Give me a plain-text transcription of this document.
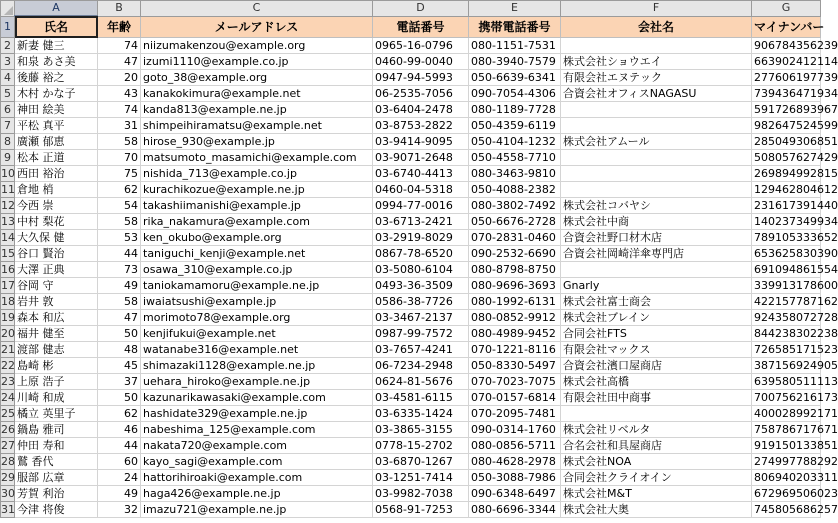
	A	B	C	D	E	F	G
1	氏名	年齢	メールアドレス	電話番号	携帯電話番号	会社名	マイナンバー
2	新妻 健三	74	niizumakenzou@example.org	0965-16-0796	080-1151-7531		906784356239
3	和泉 あさ美	47	izumi1110@example.co.jp	0460-99-0040	080-3940-7579	株式会社ショウエイ	663902412114
4	後藤 裕之	20	goto_38@example.org	0947-94-5993	050-6639-6341	有限会社エヌテック	277606197739
5	木村 かな子	43	kanakokimura@example.net	06-2535-7056	090-7054-4306	合資会社オフィスNAGASU	739436471934
6	神田 絵美	74	kanda813@example.ne.jp	03-6404-2478	080-1189-7728		591726893967
7	平松 真平	31	shimpeihiramatsu@example.net	03-8753-2822	050-4359-6119		982647524599
8	廣瀬 郁恵	58	hirose_930@example.jp	03-9414-9095	050-4104-1232	株式会社アムール	285049306851
9	松本 正道	70	matsumoto_masamichi@example.com	03-9071-2648	050-4558-7710		508057627429
10	西田 裕治	75	nishida_713@example.co.jp	03-6740-4413	080-3463-9810		269894992815
11	倉地 梢	62	kurachikozue@example.ne.jp	0460-04-5318	050-4088-2382		129462804612
12	今西 崇	54	takashiimanishi@example.jp	0994-77-0016	080-3802-7492	株式会社コバヤシ	231617391440
13	中村 梨花	58	rika_nakamura@example.com	03-6713-2421	050-6676-2728	株式会社中商	140237349934
14	大久保 健	53	ken_okubo@example.org	03-2919-8029	070-2831-0460	合資会社野口材木店	789105333652
15	谷口 賢治	44	taniguchi_kenji@example.net	0867-78-6520	090-2532-6690	合資会社岡崎洋傘専門店	653625830390
16	大澤 正典	73	osawa_310@example.co.jp	03-5080-6104	080-8798-8750		691094861554
17	谷岡 守	49	taniokamamoru@example.ne.jp	0493-36-3509	080-9696-3693	Gnarly	339913178600
18	岩井 敦	58	iwaiatsushi@example.jp	0586-38-7726	080-1992-6131	株式会社富士商会	422157787162
19	森本 和広	47	morimoto78@example.org	03-3467-2137	080-0852-9912	株式会社ブレイン	924358072728
20	福井 健至	50	kenjifukui@example.net	0987-99-7572	080-4989-9452	合同会社FTS	844238302238
21	渡部 健志	48	watanabe316@example.net	03-7657-4241	070-1221-8116	有限会社マックス	726585171523
22	島崎 彬	45	shimazaki1128@example.ne.jp	06-7234-2948	050-8330-5497	合資会社濱口屋商店	387156924905
23	上原 浩子	37	uehara_hiroko@example.ne.jp	0624-81-5676	070-7023-7075	株式会社高橋	639580511113
24	川崎 和成	50	kazunarikawasaki@example.com	03-4581-6115	070-0157-6814	有限会社田中商事	700756216173
25	橘立 英里子	62	hashidate329@example.ne.jp	03-6335-1424	070-2095-7481		400028992171
26	鍋島 雅司	46	nabeshima_125@example.com	03-3865-3155	090-0314-1760	株式会社リベルタ	758786717671
27	仲田 寿和	44	nakata720@example.com	0778-15-2702	080-0856-5711	合名会社和具屋商店	919150133851
28	鷲 香代	60	kayo_sagi@example.com	03-6870-1267	080-4628-2978	株式会社NOA	274997788292
29	服部 広章	24	hattorihiroaki@example.com	03-1251-7414	050-3088-7986	合同会社クライオイン	806940203311
30	芳賀 利治	49	haga426@example.ne.jp	03-9982-7038	090-6348-6497	株式会社M&T	672969506023
31	今津 将俊	32	imazu721@example.ne.jp	0568-91-7253	080-6696-3344	株式会社大奥	745805686257
